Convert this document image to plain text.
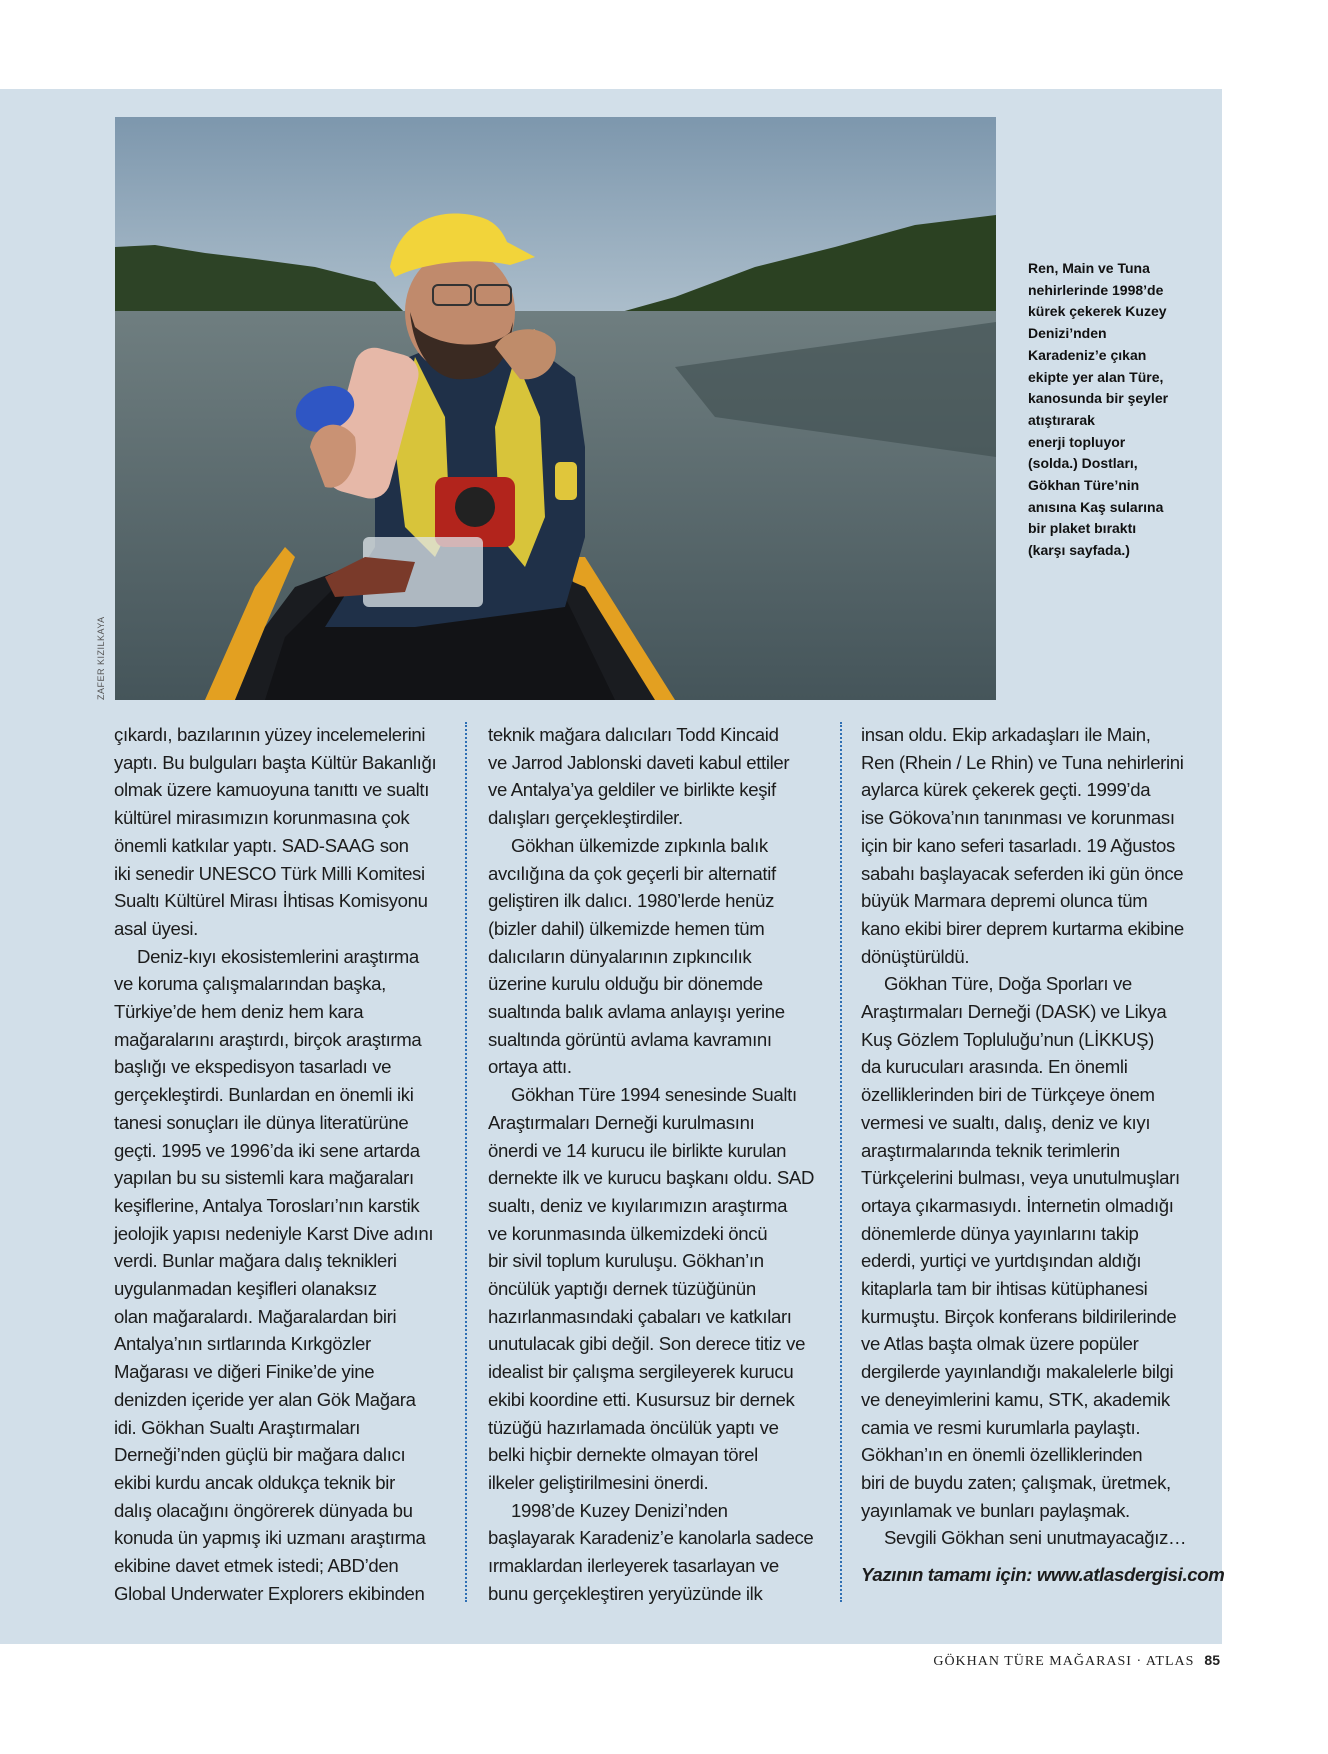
ZAFER KIZILKAYA
Ren, Main ve Tuna
nehirlerinde 1998’de
kürek çekerek Kuzey
Denizi’nden
Karadeniz’e çıkan
ekipte yer alan Türe,
kanosunda bir şeyler
atıştırarak
enerji topluyor
(solda.) Dostları,
Gökhan Türe’nin
anısına Kaş sularına
bir plaket bıraktı
(karşı sayfada.)
çıkardı, bazılarının yüzey incelemelerini
yaptı. Bu bulguları başta Kültür Bakanlığı
olmak üzere kamuoyuna tanıttı ve sualtı
kültürel mirasımızın korunmasına çok
önemli katkılar yaptı. SAD-SAAG son
iki senedir UNESCO Türk Milli Komitesi
Sualtı Kültürel Mirası İhtisas Komisyonu
asal üyesi.
Deniz-kıyı ekosistemlerini araştırma
ve koruma çalışmalarından başka,
Türkiye’de hem deniz hem kara
mağaralarını araştırdı, birçok araştırma
başlığı ve ekspedisyon tasarladı ve
gerçekleştirdi. Bunlardan en önemli iki
tanesi sonuçları ile dünya literatürüne
geçti. 1995 ve 1996’da iki sene artarda
yapılan bu su sistemli kara mağaraları
keşiflerine, Antalya Torosları’nın karstik
jeolojik yapısı nedeniyle Karst Dive adını
verdi. Bunlar mağara dalış teknikleri
uygulanmadan keşifleri olanaksız
olan mağaralardı. Mağaralardan biri
Antalya’nın sırtlarında Kırkgözler
Mağarası ve diğeri Finike’de yine
denizden içeride yer alan Gök Mağara
idi. Gökhan Sualtı Araştırmaları
Derneği’nden güçlü bir mağara dalıcı
ekibi kurdu ancak oldukça teknik bir
dalış olacağını öngörerek dünyada bu
konuda ün yapmış iki uzmanı araştırma
ekibine davet etmek istedi; ABD’den
Global Underwater Explorers ekibinden
teknik mağara dalıcıları Todd Kincaid
ve Jarrod Jablonski daveti kabul ettiler
ve Antalya’ya geldiler ve birlikte keşif
dalışları gerçekleştirdiler.
Gökhan ülkemizde zıpkınla balık
avcılığına da çok geçerli bir alternatif
geliştiren ilk dalıcı. 1980’lerde henüz
(bizler dahil) ülkemizde hemen tüm
dalıcıların dünyalarının zıpkıncılık
üzerine kurulu olduğu bir dönemde
sualtında balık avlama anlayışı yerine
sualtında görüntü avlama kavramını
ortaya attı.
Gökhan Türe 1994 senesinde Sualtı
Araştırmaları Derneği kurulmasını
önerdi ve 14 kurucu ile birlikte kurulan
dernekte ilk ve kurucu başkanı oldu. SAD
sualtı, deniz ve kıyılarımızın araştırma
ve korunmasında ülkemizdeki öncü
bir sivil toplum kuruluşu. Gökhan’ın
öncülük yaptığı dernek tüzüğünün
hazırlanmasındaki çabaları ve katkıları
unutulacak gibi değil. Son derece titiz ve
idealist bir çalışma sergileyerek kurucu
ekibi koordine etti. Kusursuz bir dernek
tüzüğü hazırlamada öncülük yaptı ve
belki hiçbir dernekte olmayan törel
ilkeler geliştirilmesini önerdi.
1998’de Kuzey Denizi’nden
başlayarak Karadeniz’e kanolarla sadece
ırmaklardan ilerleyerek tasarlayan ve
bunu gerçekleştiren yeryüzünde ilk
insan oldu. Ekip arkadaşları ile Main,
Ren (Rhein / Le Rhin) ve Tuna nehirlerini
aylarca kürek çekerek geçti. 1999’da
ise Gökova’nın tanınması ve korunması
için bir kano seferi tasarladı. 19 Ağustos
sabahı başlayacak seferden iki gün önce
büyük Marmara depremi olunca tüm
kano ekibi birer deprem kurtarma ekibine
dönüştürüldü.
Gökhan Türe, Doğa Sporları ve
Araştırmaları Derneği (DASK) ve Likya
Kuş Gözlem Topluluğu’nun (LİKKUŞ)
da kurucuları arasında. En önemli
özelliklerinden biri de Türkçeye önem
vermesi ve sualtı, dalış, deniz ve kıyı
araştırmalarında teknik terimlerin
Türkçelerini bulması, veya unutulmuşları
ortaya çıkarmasıydı. İnternetin olmadığı
dönemlerde dünya yayınlarını takip
ederdi, yurtiçi ve yurtdışından aldığı
kitaplarla tam bir ihtisas kütüphanesi
kurmuştu. Birçok konferans bildirilerinde
ve Atlas başta olmak üzere popüler
dergilerde yayınlandığı makalelerle bilgi
ve deneyimlerini kamu, STK, akademik
camia ve resmi kurumlarla paylaştı.
Gökhan’ın en önemli özelliklerinden
biri de buydu zaten; çalışmak, üretmek,
yayınlamak ve bunları paylaşmak.
Sevgili Gökhan seni unutmayacağız…
Yazının tamamı için: www.atlasdergisi.com
GÖKHAN TÜRE MAĞARASI · ATLAS 85
